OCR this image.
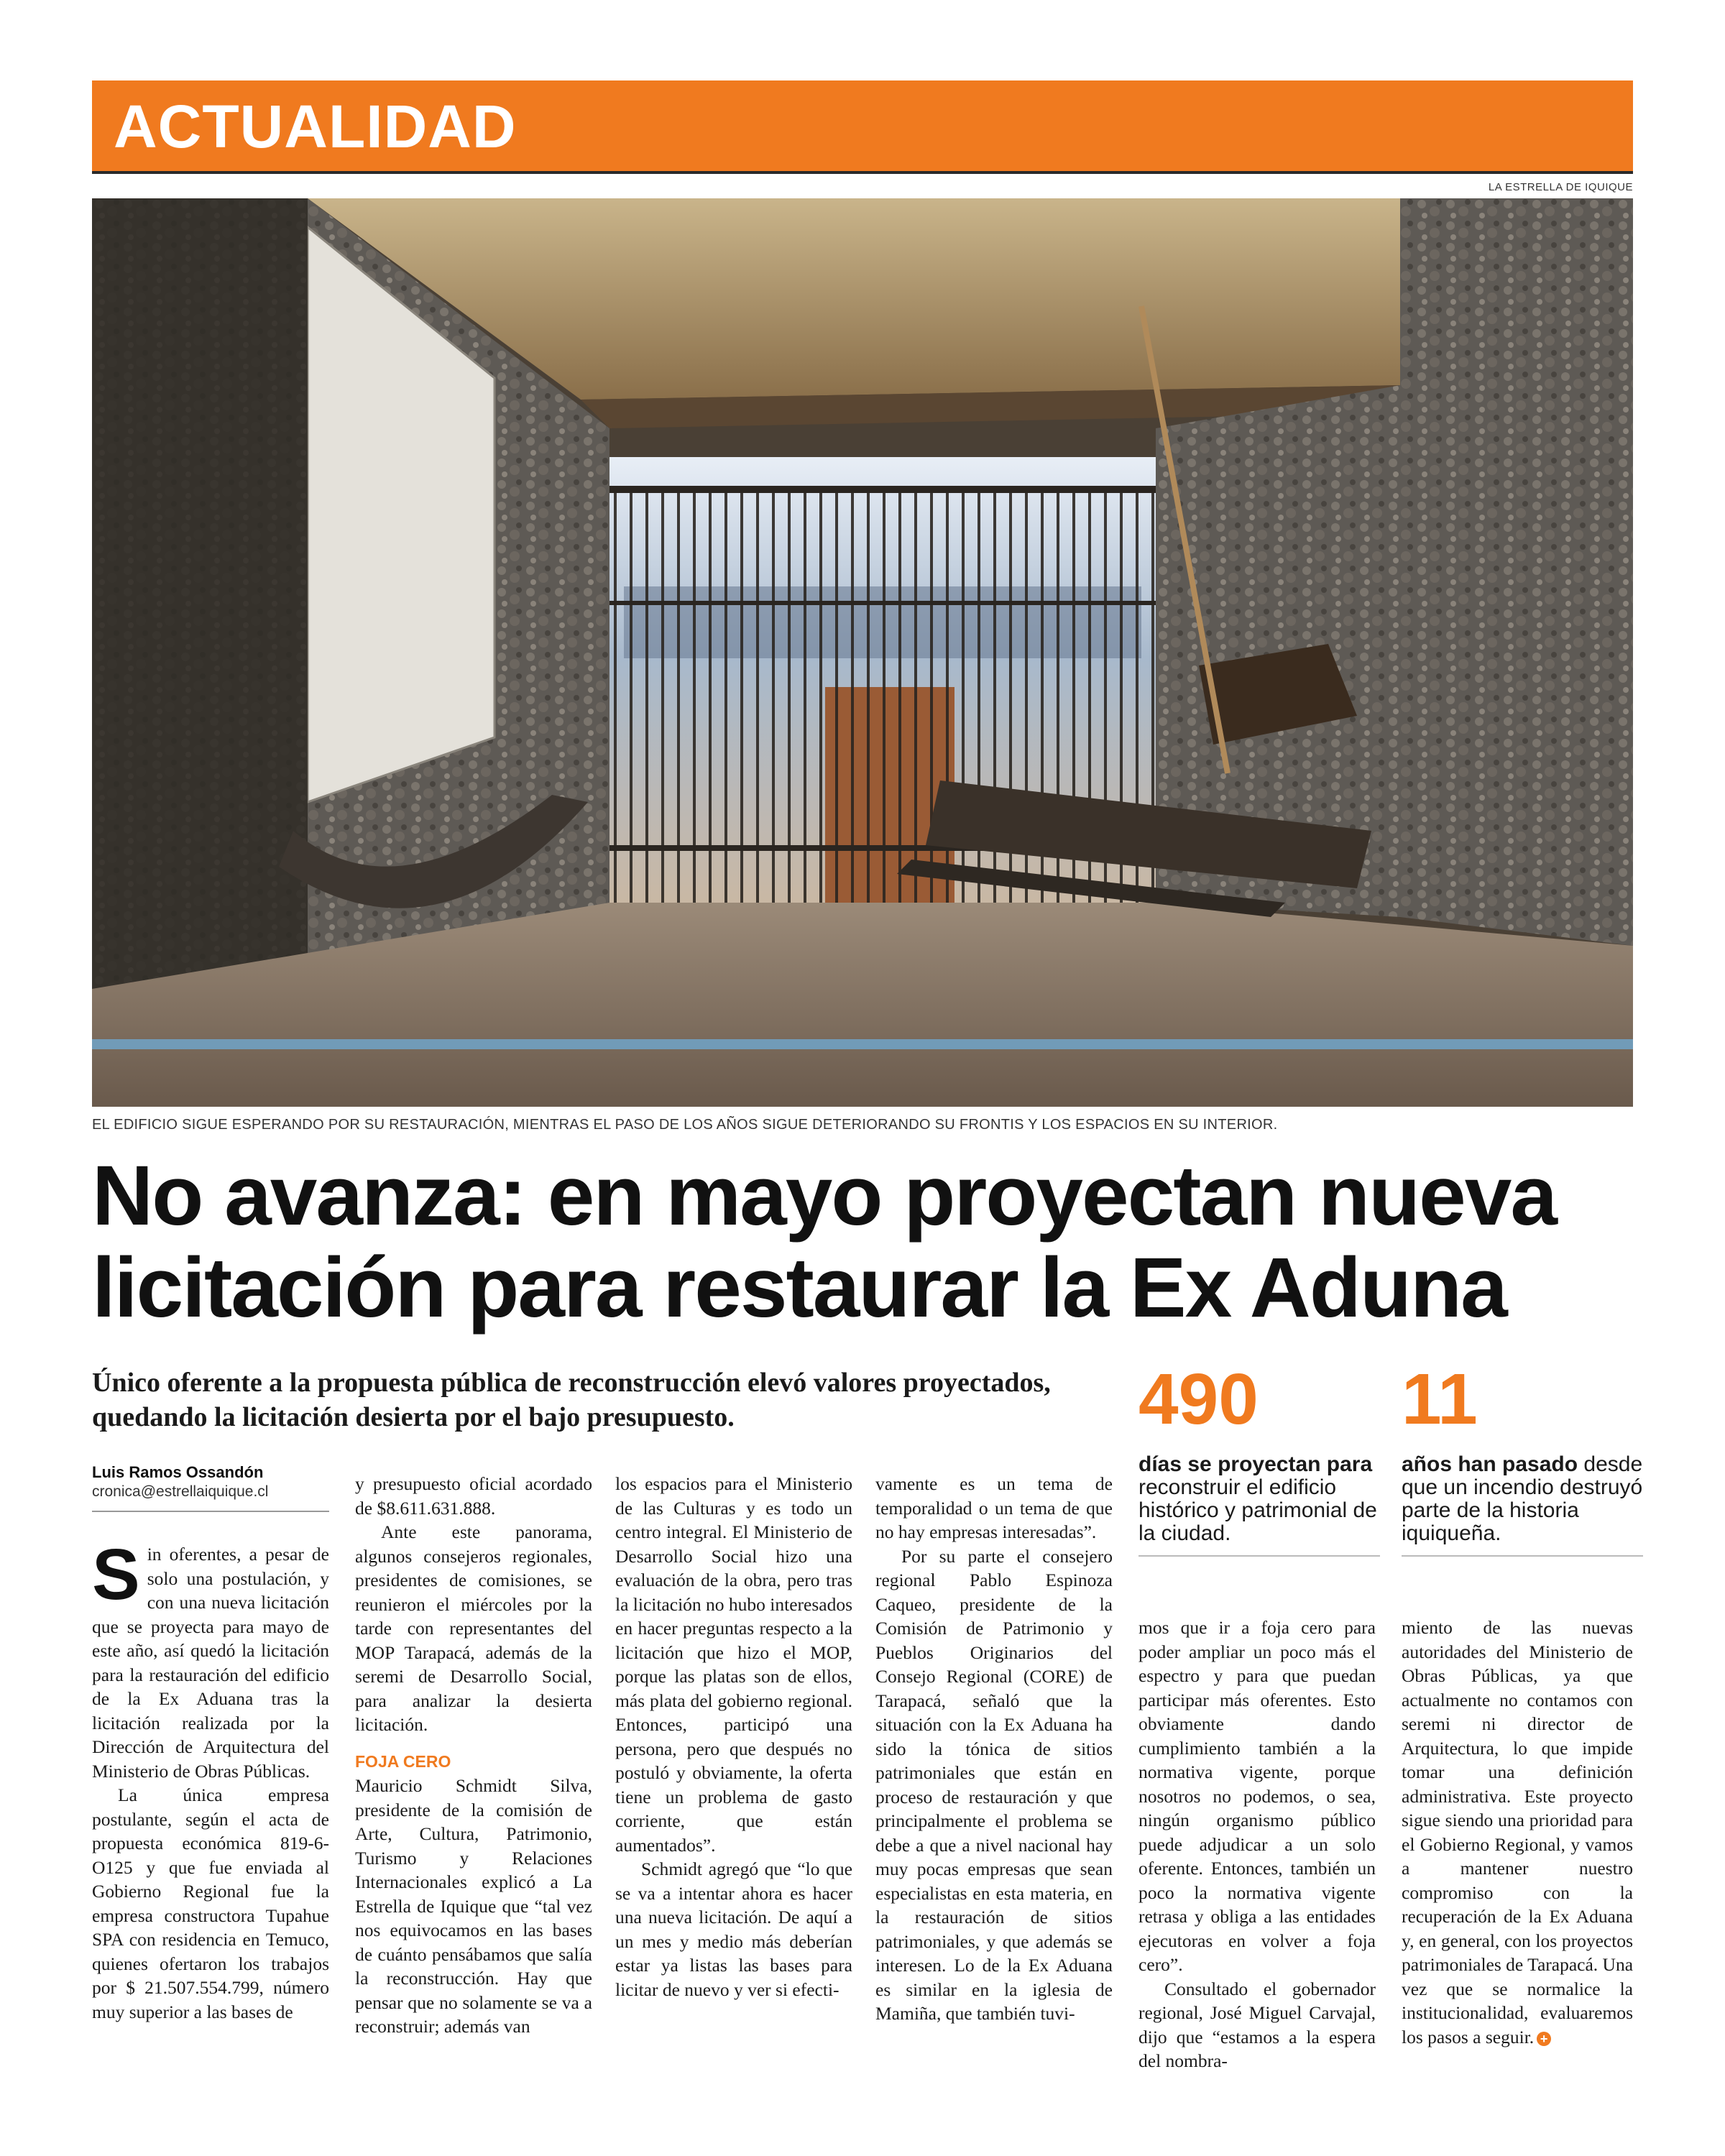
ACTUALIDAD
LA ESTRELLA DE IQUIQUE
EL EDIFICIO SIGUE ESPERANDO POR SU RESTAURACIÓN, MIENTRAS EL PASO DE LOS AÑOS SIGUE DETERIORANDO SU FRONTIS Y LOS ESPACIOS EN SU INTERIOR.
No avanza: en mayo proyectan nueva licitación para restaurar la Ex Aduna
Único oferente a la propuesta pública de reconstrucción elevó valores proyectados, quedando la licitación desierta por el bajo presupuesto.	490
días se proyectan para reconstruir el edificio histórico y patrimonial de la ciudad.
11
años han pasado desde que un incendio destruyó parte de la historia iquiqueña.
Luis Ramos Ossandón
cronica@estrellaiquique.cl

Sin oferentes, a pesar de solo una postulación, y con una nueva licitación que se proyecta para mayo de este año, así quedó la licitación para la restauración del edificio de la Ex Aduana tras la licitación realizada por la Dirección de Arquitectura del Ministerio de Obras Públicas.

La única empresa postulante, según el acta de propuesta económica 819-6-O125 y que fue enviada al Gobierno Regional fue la empresa constructora Tupahue SPA con residencia en Temuco, quienes ofertaron los trabajos por $ 21.507.554.799, número muy superior a las bases de

y presupuesto oficial acordado de $8.611.631.888.

Ante este panorama, algunos consejeros regionales, presidentes de comisiones, se reunieron el miércoles por la tarde con representantes del MOP Tarapacá, además de la seremi de Desarrollo Social, para analizar la desierta licitación.

FOJA CERO

Mauricio Schmidt Silva, presidente de la comisión de Arte, Cultura, Patrimonio, Turismo y Relaciones Internacionales explicó a La Estrella de Iquique que “tal vez nos equivocamos en las bases de cuánto pensábamos que salía la reconstrucción. Hay que pensar que no solamente se va a reconstruir; además van

los espacios para el Ministerio de las Culturas y es todo un centro integral. El Ministerio de Desarrollo Social hizo una evaluación de la obra, pero tras la licitación no hubo interesados en hacer preguntas respecto a la licitación que hizo el MOP, porque las platas son de ellos, más plata del gobierno regional. Entonces, participó una persona, pero que después no postuló y obviamente, la oferta tiene un problema de gasto corriente, que están aumentados”.

Schmidt agregó que “lo que se va a intentar ahora es hacer una nueva licitación. De aquí a un mes y medio más deberían estar ya listas las bases para licitar de nuevo y ver si efecti-

vamente es un tema de temporalidad o un tema de que no hay empresas interesadas”.

Por su parte el consejero regional Pablo Espinoza Caqueo, presidente de la Comisión de Patrimonio y Pueblos Originarios del Consejo Regional (CORE) de Tarapacá, señaló que la situación con la Ex Aduana ha sido la tónica de sitios patrimoniales que están en proceso de restauración y que principalmente el problema se debe a que a nivel nacional hay muy pocas empresas que sean especialistas en esta materia, en la restauración de sitios patrimoniales, y que además se interesen. Lo de la Ex Aduana es similar en la iglesia de Mamiña, que también tuvi-

mos que ir a foja cero para poder ampliar un poco más el espectro y para que puedan participar más oferentes. Esto obviamente dando cumplimiento también a la normativa vigente, porque nosotros no podemos, o sea, ningún organismo público puede adjudicar a un solo oferente. Entonces, también un poco la normativa vigente retrasa y obliga a las entidades ejecutoras en volver a foja cero”.

Consultado el gobernador regional, José Miguel Carvajal, dijo que “estamos a la espera del nombra-

miento de las nuevas autoridades del Ministerio de Obras Públicas, ya que actualmente no contamos con seremi ni director de Arquitectura, lo que impide tomar una definición administrativa. Este proyecto sigue siendo una prioridad para el Gobierno Regional, y vamos a mantener nuestro compromiso con la recuperación de la Ex Aduana y, en general, con los proyectos patrimoniales de Tarapacá. Una vez que se normalice la institucionalidad, evaluaremos los pasos a seguir. +
